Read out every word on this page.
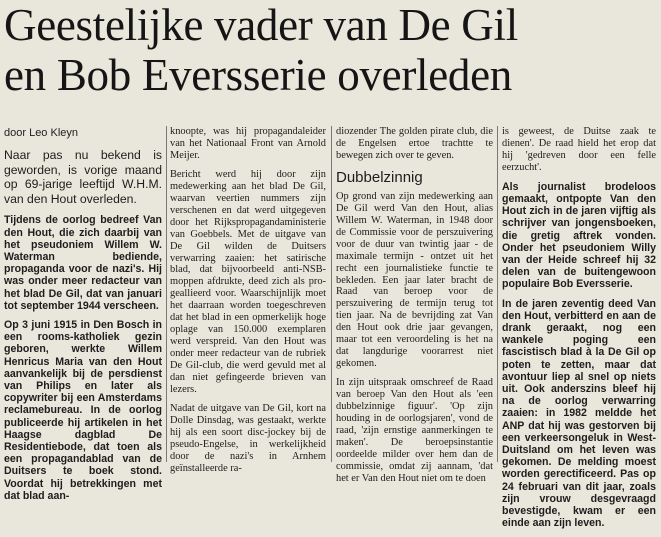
Geestelijke vader van De Gil
en Bob Eversserie overleden
door Leo Kleyn

Naar pas nu bekend is geworden, is vorige maand op 69-jarige leeftijd W.H.M. van den Hout overleden.

Tijdens de oorlog bedreef Van den Hout, die zich daarbij van het pseudoniem Willem W. Waterman bediende, propaganda voor de nazi's. Hij was onder meer redacteur van het blad De Gil, dat van januari tot september 1944 verscheen.

Op 3 juni 1915 in Den Bosch in een rooms-katholiek gezin geboren, werkte Willem Henricus Maria van den Hout aanvankelijk bij de persdienst van Philips en later als copywriter bij een Amsterdams reclamebureau. In de oorlog publiceerde hij artikelen in het Haagse dagblad De Residentiebode, dat toen als een propagandablad van de Duitsers te boek stond. Voordat hij betrekkingen met dat blad aan-

knoopte, was hij propagandaleider van het Nationaal Front van Arnold Meijer.

Bericht werd hij door zijn medewerking aan het blad De Gil, waarvan veertien nummers zijn verschenen en dat werd uitgegeven door het Rijkspropagandaministerie van Goebbels. Met de uitgave van De Gil wilden de Duitsers verwarring zaaien: het satirische blad, dat bijvoorbeeld anti-NSB-moppen afdrukte, deed zich als pro-geallieerd voor. Waarschijnlijk moet het daarraan worden toegeschreven dat het blad in een opmerkelijk hoge oplage van 150.000 exemplaren werd verspreid. Van den Hout was onder meer redacteur van de rubriek De Gil-club, die werd gevuld met al dan niet gefingeerde brieven van lezers.

Nadat de uitgave van De Gil, kort na Dolle Dinsdag, was gestaakt, werkte hij als een soort disc-jockey bij de pseudo-Engelse, in werkelijkheid door de nazi's in Arnhem geïnstalleerde ra-

diozender The golden pirate club, die de Engelsen ertoe trachtte te bewegen zich over te geven.

Dubbelzinnig

Op grond van zijn medewerking aan De Gil werd Van den Hout, alias Willem W. Waterman, in 1948 door de Commissie voor de perszuivering voor de duur van twintig jaar - de maximale termijn - ontzet uit het recht een journalistieke functie te bekleden. Een jaar later bracht de Raad van beroep voor de perszuivering de termijn terug tot tien jaar. Na de bevrijding zat Van den Hout ook drie jaar gevangen, maar tot een veroordeling is het na dat langdurige voorarrest niet gekomen.

In zijn uitspraak omschreef de Raad van beroep Van den Hout als 'een dubbelzinnige figuur'. 'Op zijn houding in de oorlogsjaren', vond de raad, 'zijn ernstige aanmerkingen te maken'. De beroepsinstantie oordeelde milder over hem dan de commissie, omdat zij aannam, 'dat het er Van den Hout niet om te doen

is geweest, de Duitse zaak te dienen'. De raad hield het erop dat hij 'gedreven door een felle eerzucht'.

Als journalist brodeloos gemaakt, ontpopte Van den Hout zich in de jaren vijftig als schrijver van jongensboeken, die gretig aftrek vonden. Onder het pseudoniem Willy van der Heide schreef hij 32 delen van de buitengewoon populaire Bob Eversserie.

In de jaren zeventig deed Van den Hout, verbitterd en aan de drank geraakt, nog een wankele poging een fascistisch blad à la De Gil op poten te zetten, maar dat avontuur liep al snel op niets uit. Ook anderszins bleef hij na de oorlog verwarring zaaien: in 1982 meldde het ANP dat hij was gestorven bij een verkeersongeluk in West-Duitsland om het leven was gekomen. De melding moest worden gerectificeerd. Pas op 24 februari van dit jaar, zoals zijn vrouw desgevraagd bevestigde, kwam er een einde aan zijn leven.
